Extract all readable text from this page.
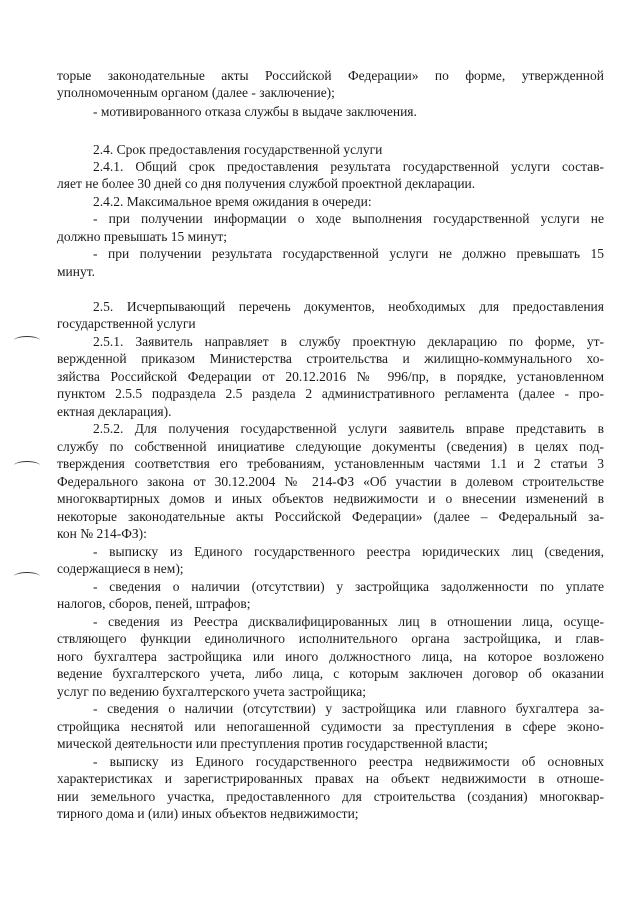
торые законодательные акты Российской Федерации» по форме, утвержденной
уполномоченным органом (далее - заключение);
- мотивированного отказа службы в выдаче заключения.
2.4. Срок предоставления государственной услуги
2.4.1. Общий срок предоставления результата государственной услуги состав-
ляет не более 30 дней со дня получения службой проектной декларации.
2.4.2. Максимальное время ожидания в очереди:
- при получении информации о ходе выполнения государственной услуги не
должно превышать 15 минут;
- при получении результата государственной услуги не должно превышать 15
минут.
2.5. Исчерпывающий перечень документов, необходимых для предоставления
государственной услуги
2.5.1. Заявитель направляет в службу проектную декларацию по форме, ут-
вержденной приказом Министерства строительства и жилищно-коммунального хо-
зяйства Российской Федерации от 20.12.2016 № 996/пр, в порядке, установленном
пунктом 2.5.5 подраздела 2.5 раздела 2 административного регламента (далее - про-
ектная декларация).
2.5.2. Для получения государственной услуги заявитель вправе представить в
службу по собственной инициативе следующие документы (сведения) в целях под-
тверждения соответствия его требованиям, установленным частями 1.1 и 2 статьи 3
Федерального закона от 30.12.2004 № 214-ФЗ «Об участии в долевом строительстве
многоквартирных домов и иных объектов недвижимости и о внесении изменений в
некоторые законодательные акты Российской Федерации» (далее – Федеральный за-
кон № 214-ФЗ):
- выписку из Единого государственного реестра юридических лиц (сведения,
содержащиеся в нем);
- сведения о наличии (отсутствии) у застройщика задолженности по уплате
налогов, сборов, пеней, штрафов;
- сведения из Реестра дисквалифицированных лиц в отношении лица, осуще-
ствляющего функции единоличного исполнительного органа застройщика, и глав-
ного бухгалтера застройщика или иного должностного лица, на которое возложено
ведение бухгалтерского учета, либо лица, с которым заключен договор об оказании
услуг по ведению бухгалтерского учета застройщика;
- сведения о наличии (отсутствии) у застройщика или главного бухгалтера за-
стройщика неснятой или непогашенной судимости за преступления в сфере эконо-
мической деятельности или преступления против государственной власти;
- выписку из Единого государственного реестра недвижимости об основных
характеристиках и зарегистрированных правах на объект недвижимости в отноше-
нии земельного участка, предоставленного для строительства (создания) многоквар-
тирного дома и (или) иных объектов недвижимости;
